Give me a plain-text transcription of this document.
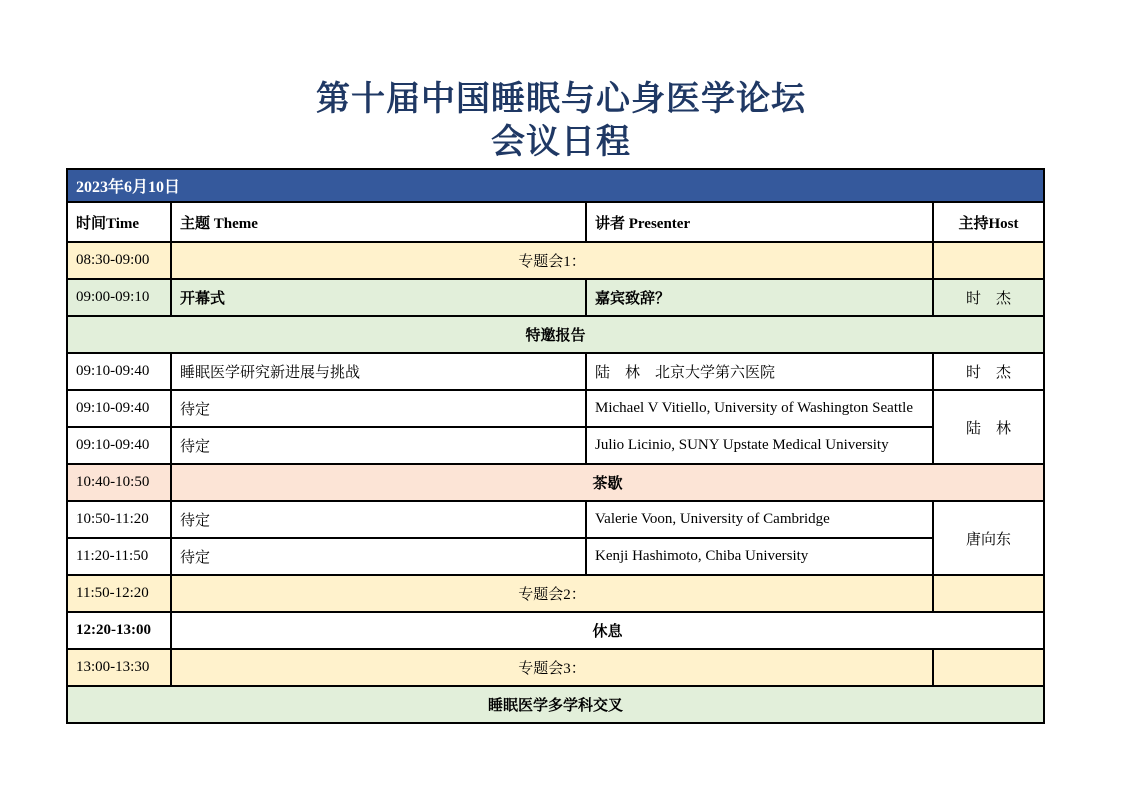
第十届中国睡眠与心身医学论坛
会议日程
2023年6月10日			
时间Time	主题 Theme	讲者 Presenter	主持Host
08:30-09:00	专题会1：		
09:00-09:10	开幕式	嘉宾致辞？	时　杰
特邀报告			
09:10-09:40	睡眠医学研究新进展与挑战	陆　林　北京大学第六医院	时　杰
09:10-09:40	待定	Michael V Vitiello, University of Washington Seattle	陆　林
09:10-09:40	待定	Julio Licinio, SUNY Upstate Medical University	
10:40-10:50	茶歇		
10:50-11:20	待定	Valerie Voon, University of Cambridge	唐向东
11:20-11:50	待定	Kenji Hashimoto, Chiba University	
11:50-12:20	专题会2：		
12:20-13:00	休息		
13:00-13:30	专题会3：		
睡眠医学多学科交叉			
